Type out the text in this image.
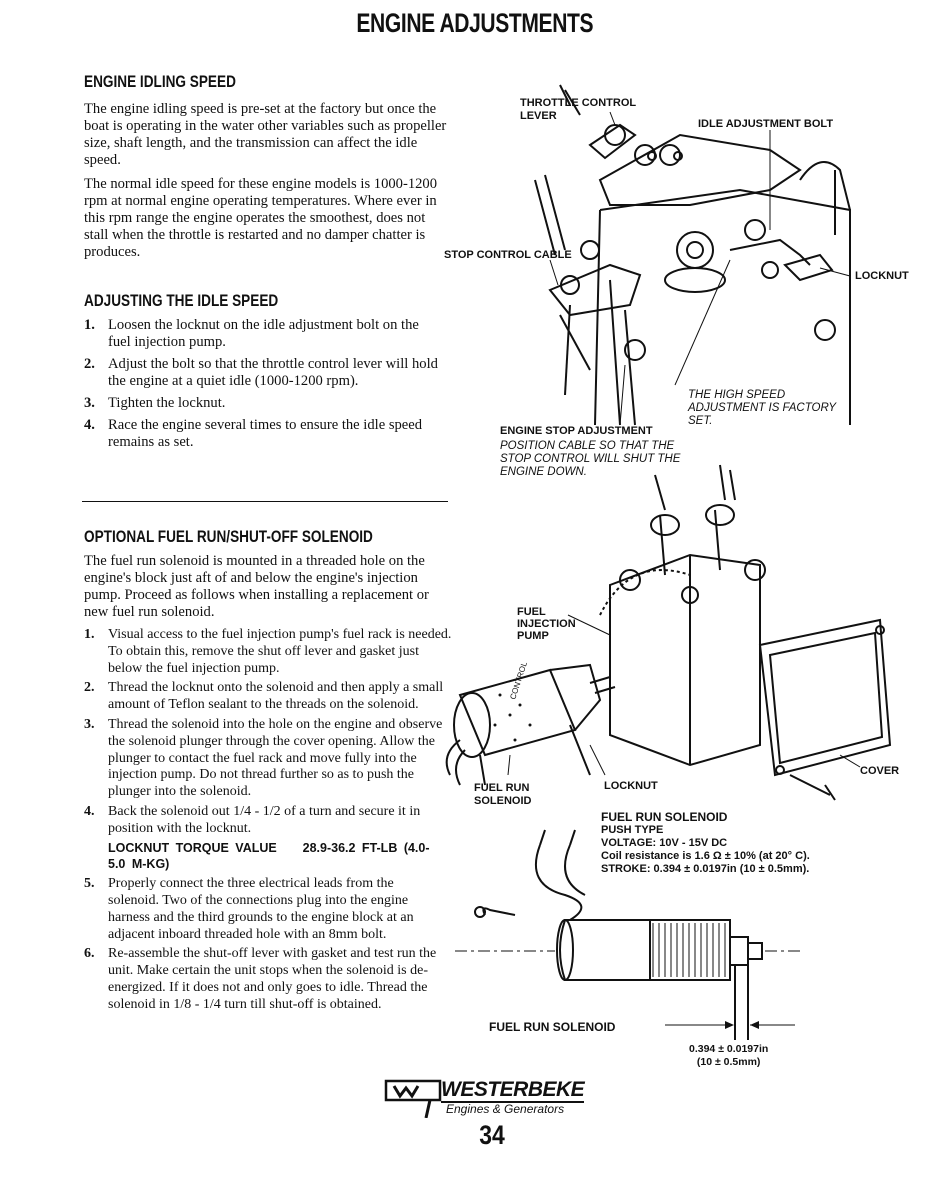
ENGINE ADJUSTMENTS
ENGINE IDLING SPEED

The engine idling speed is pre-set at the factory but once the boat is operating in the water other variables such as propeller size, shaft length, and the transmission can affect the idle speed.

The normal idle speed for these engine models is 1000-1200 rpm at normal engine operating temperatures. Where ever in this rpm range the engine operates the smoothest, does not stall when the throttle is restarted and no damper chatter is produces.

ADJUSTING THE IDLE SPEED
1. Loosen the locknut on the idle adjustment bolt on the fuel injection pump.
2. Adjust the bolt so that the throttle control lever will hold the engine at a quiet idle (1000-1200 rpm).
3. Tighten the locknut.
4. Race the engine several times to ensure the idle speed remains as set.
OPTIONAL FUEL RUN/SHUT-OFF SOLENOID

The fuel run solenoid is mounted in a threaded hole on the engine's block just aft of and below the engine's injection pump. Proceed as follows when installing a replacement or new fuel run solenoid.

1. Visual access to the fuel injection pump's fuel rack is needed. To obtain this, remove the shut off lever and gasket just below the fuel injection pump.
2. Thread the locknut onto the solenoid and then apply a small amount of Teflon sealant to the threads on the solenoid.
3. Thread the solenoid into the hole on the engine and observe the solenoid plunger through the cover opening. Allow the plunger to contact the fuel rack and move fully into the injection pump. Do not thread further so as to push the plunger into the solenoid.
4. Back the solenoid out 1/4 - 1/2 of a turn and secure it in position with the locknut.
LOCKNUT TORQUE VALUE 28.9-36.2 FT-LB (4.0-5.0 M-KG)
5. Properly connect the three electrical leads from the solenoid. Two of the connections plug into the engine harness and the third grounds to the engine block at an adjacent inboard threaded hole with an 8mm bolt.
6. Re-assemble the shut-off lever with gasket and test run the unit. Make certain the unit stops when the solenoid is de-energized. If it does not and only goes to idle. Thread the solenoid in 1/8 - 1/4 turn till shut-off is obtained.
THROTTLE CONTROL
LEVER
IDLE ADJUSTMENT BOLT
STOP CONTROL CABLE
LOCKNUT
THE HIGH SPEED
ADJUSTMENT IS FACTORY
SET.
ENGINE STOP ADJUSTMENT
POSITION CABLE SO THAT THE
STOP CONTROL WILL SHUT THE
ENGINE DOWN.
CONTROL
FUEL
INJECTION
PUMP
FUEL RUN
SOLENOID
LOCKNUT
COVER
FUEL RUN SOLENOID
PUSH TYPE
VOLTAGE: 10V - 15V DC
Coil resistance is 1.6 Ω ± 10% (at 20° C).
STROKE: 0.394 ± 0.0197in (10 ± 0.5mm).
FUEL RUN SOLENOID
0.394 ± 0.0197in
(10 ± 0.5mm)
WESTERBEKE
Engines & Generators
34
